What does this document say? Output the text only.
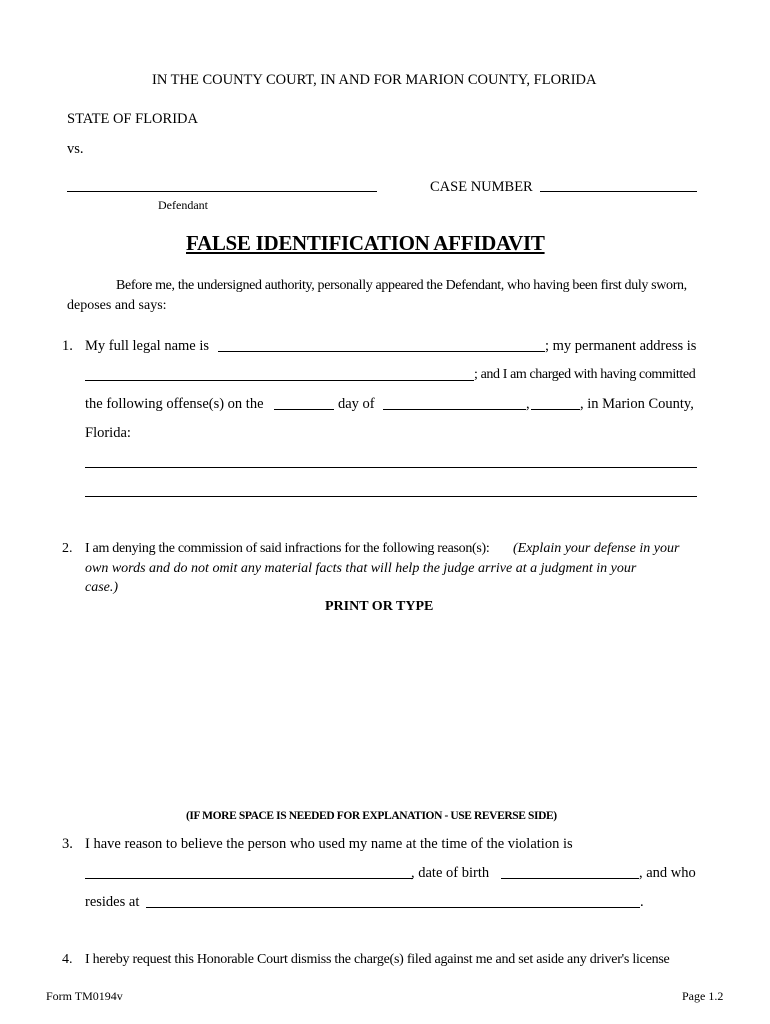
IN THE COUNTY COURT, IN AND FOR MARION COUNTY, FLORIDA
STATE OF FLORIDA
vs.
Defendant
CASE NUMBER
FALSE IDENTIFICATION AFFIDAVIT
Before me, the undersigned authority, personally appeared the Defendant, who having been first duly sworn,
deposes and says:
1. My full legal name is	; my permanent address is
; and I am charged with having committed
the following offense(s) on the	day of	,	, in Marion County,
Florida:
2. I am denying the commission of said infractions for the following reason(s): (Explain your defense in your
own words and do not omit any material facts that will help the judge arrive at a judgment in your
case.)
PRINT OR TYPE
(IF MORE SPACE IS NEEDED FOR EXPLANATION - USE REVERSE SIDE)
3. I have reason to believe the person who used my name at the time of the violation is
, date of birth	, and who
resides at	.
4. I hereby request this Honorable Court dismiss the charge(s) filed against me and set aside any driver's license
Form TM0194v	Page 1.2
